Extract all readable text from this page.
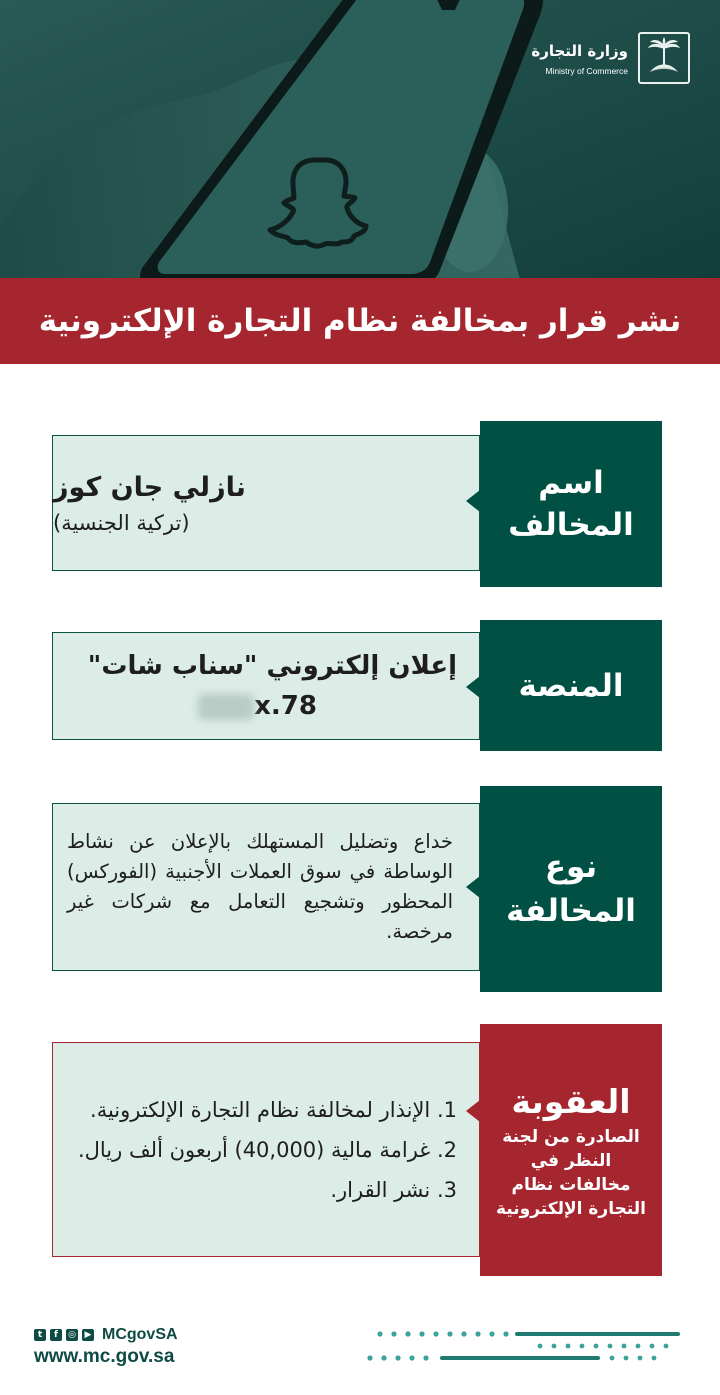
وزارة التجارة
Ministry of Commerce
نشر قرار بمخالفة نظام التجارة الإلكترونية
نازلي جان كوز
(تركية الجنسية)
اسم
المخالف
إعلان إلكتروني "سناب شات"
x.78
المنصة
خداع وتضليل المستهلك بالإعلان عن نشاط الوساطة في سوق العملات الأجنبية (الفوركس) المحظور وتشجيع التعامل مع شركات غير مرخصة.
نوع
المخالفة
1. الإنذار لمخالفة نظام التجارة الإلكترونية.
2. غرامة مالية (40,000) أربعون ألف ريال.
3. نشر القرار.
العقوبة
الصادرة من لجنة النظر في مخالفات نظام التجارة الإلكترونية
t	f	◎ ▶ MCgovSA
www.mc.gov.sa
